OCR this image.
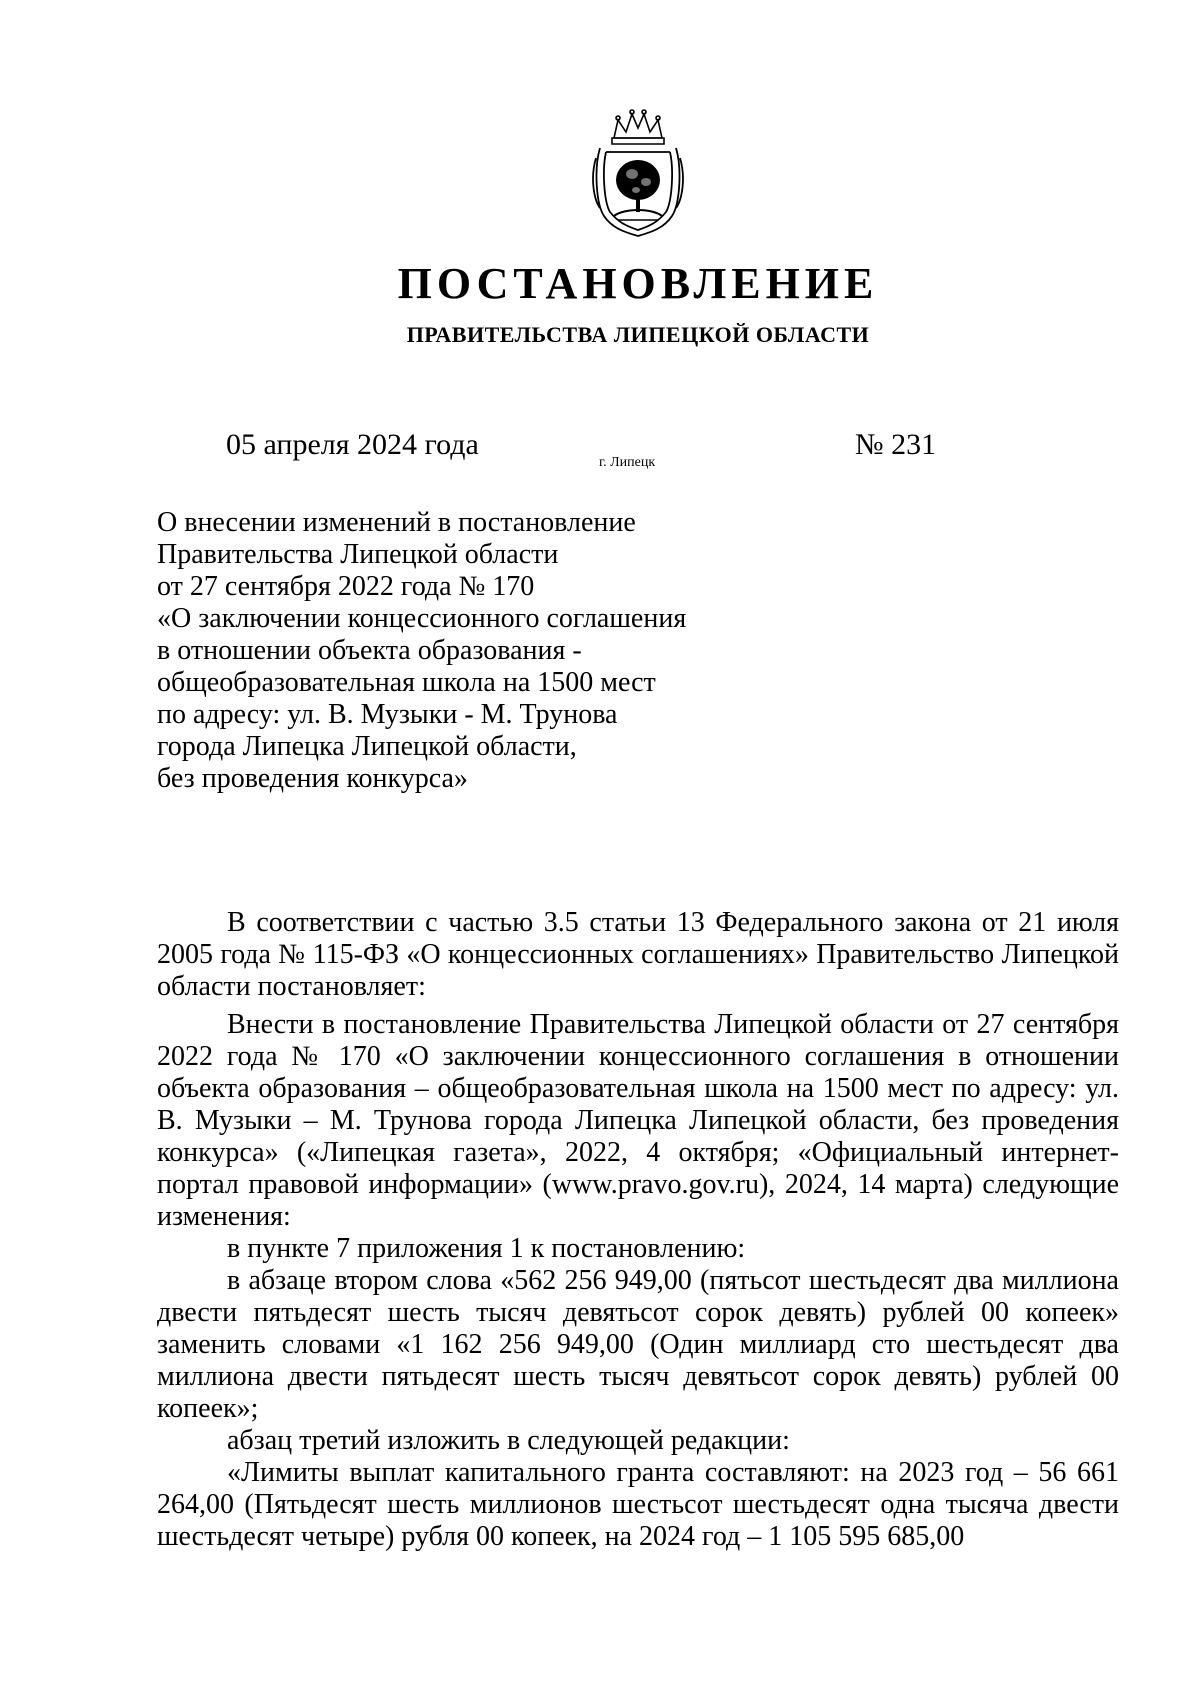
ПОСТАНОВЛЕНИЕ
ПРАВИТЕЛЬСТВА ЛИПЕЦКОЙ ОБЛАСТИ
05 апреля 2024 года
г. Липецк
№ 231
О внесении изменений в постановление
Правительства Липецкой области
от 27 сентября 2022 года № 170
«О заключении концессионного соглашения
в отношении объекта образования -
общеобразовательная школа на 1500 мест
по адресу: ул. В. Музыки - М. Трунова
города Липецка Липецкой области,
без проведения конкурса»

В соответствии с частью 3.5 статьи 13 Федерального закона от 21 июля 2005 года № 115-ФЗ «О концессионных соглашениях» Правительство Липецкой области постановляет:

Внести в постановление Правительства Липецкой области от 27 сентября 2022 года № 170 «О заключении концессионного соглашения в отношении объекта образования – общеобразовательная школа на 1500 мест по адресу: ул. В. Музыки – М. Трунова города Липецка Липецкой области, без проведения конкурса» («Липецкая газета», 2022, 4 октября; «Официальный интернет-портал правовой информации» (www.pravo.gov.ru), 2024, 14 марта) следующие изменения:

в пункте 7 приложения 1 к постановлению:

в абзаце втором слова «562 256 949,00 (пятьсот шестьдесят два миллиона двести пятьдесят шесть тысяч девятьсот сорок девять) рублей 00 копеек» заменить словами «1 162 256 949,00 (Один миллиард сто шестьдесят два миллиона двести пятьдесят шесть тысяч девятьсот сорок девять) рублей 00 копеек»;

абзац третий изложить в следующей редакции:

«Лимиты выплат капитального гранта составляют: на 2023 год – 56 661 264,00 (Пятьдесят шесть миллионов шестьсот шестьдесят одна тысяча двести шестьдесят четыре) рубля 00 копеек, на 2024 год – 1 105 595 685,00
